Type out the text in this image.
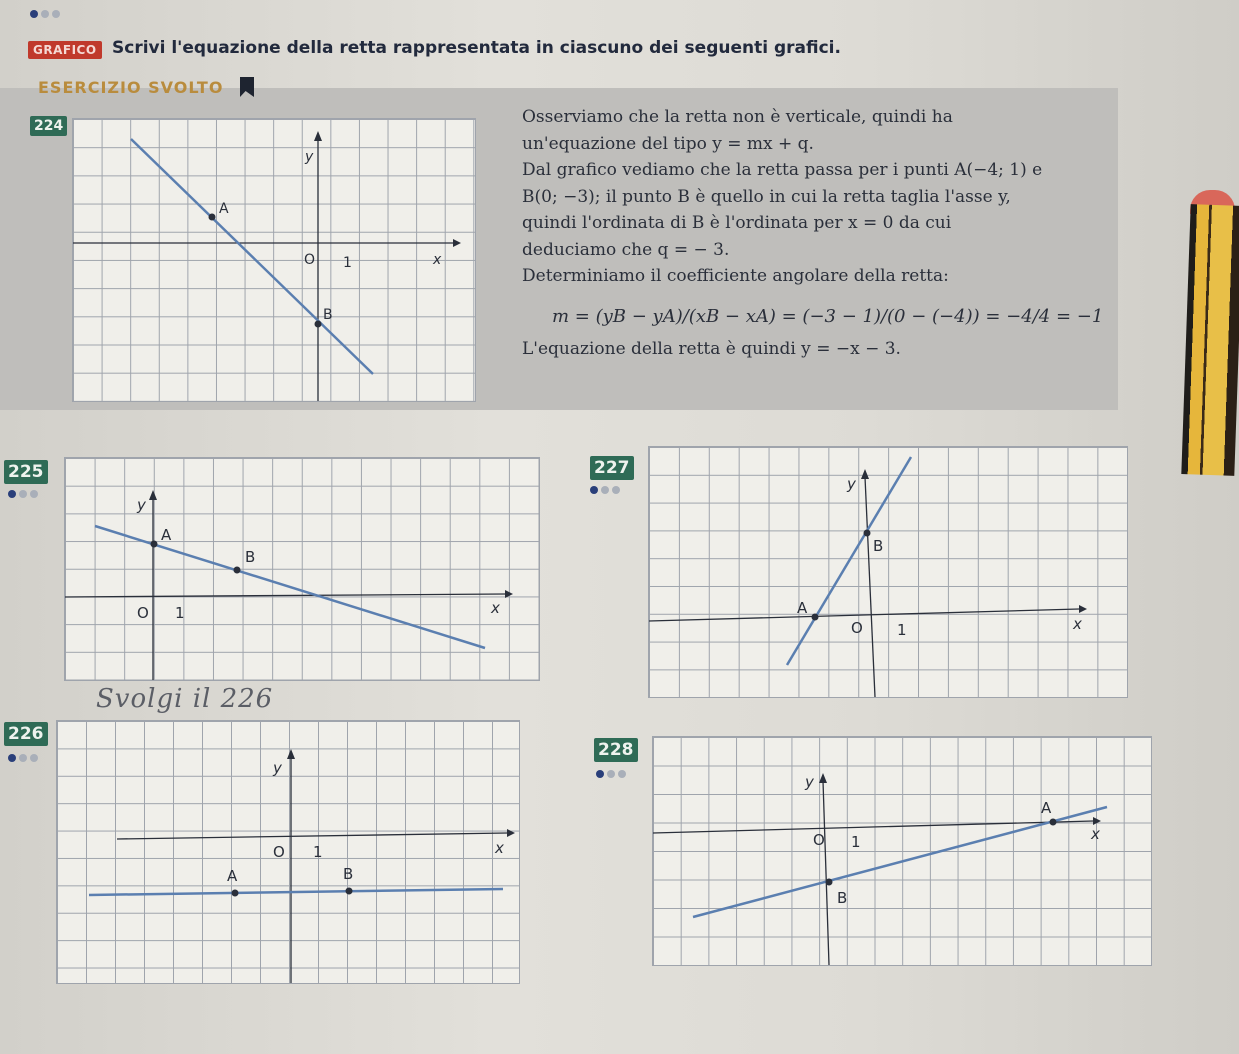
GRAFICO Scrivi l'equazione della retta rappresentata in ciascuno dei seguenti grafici.
ESERCIZIO SVOLTO
224
A
B
O 1	x
y

Osserviamo che la retta non è verticale, quindi ha

un'equazione del tipo y = mx + q.

Dal grafico vediamo che la retta passa per i punti A(−4; 1) e

B(0; −3); il punto B è quello in cui la retta taglia l'asse y,

quindi l'ordinata di B è l'ordinata per x = 0 da cui

deduciamo che q = − 3.

Determiniamo il coefficiente angolare della retta:

m = (yB − yA)/(xB − xA) = (−3 − 1)/(0 − (−4)) = −4/4 = −1

L'equazione della retta è quindi y = −x − 3.

225
A
B
O 1	x
y
Svolgi il 226
227
A
B
O 1	x
y
226
A	B
O 1	x
y
228
A
B
O 1	x
y
